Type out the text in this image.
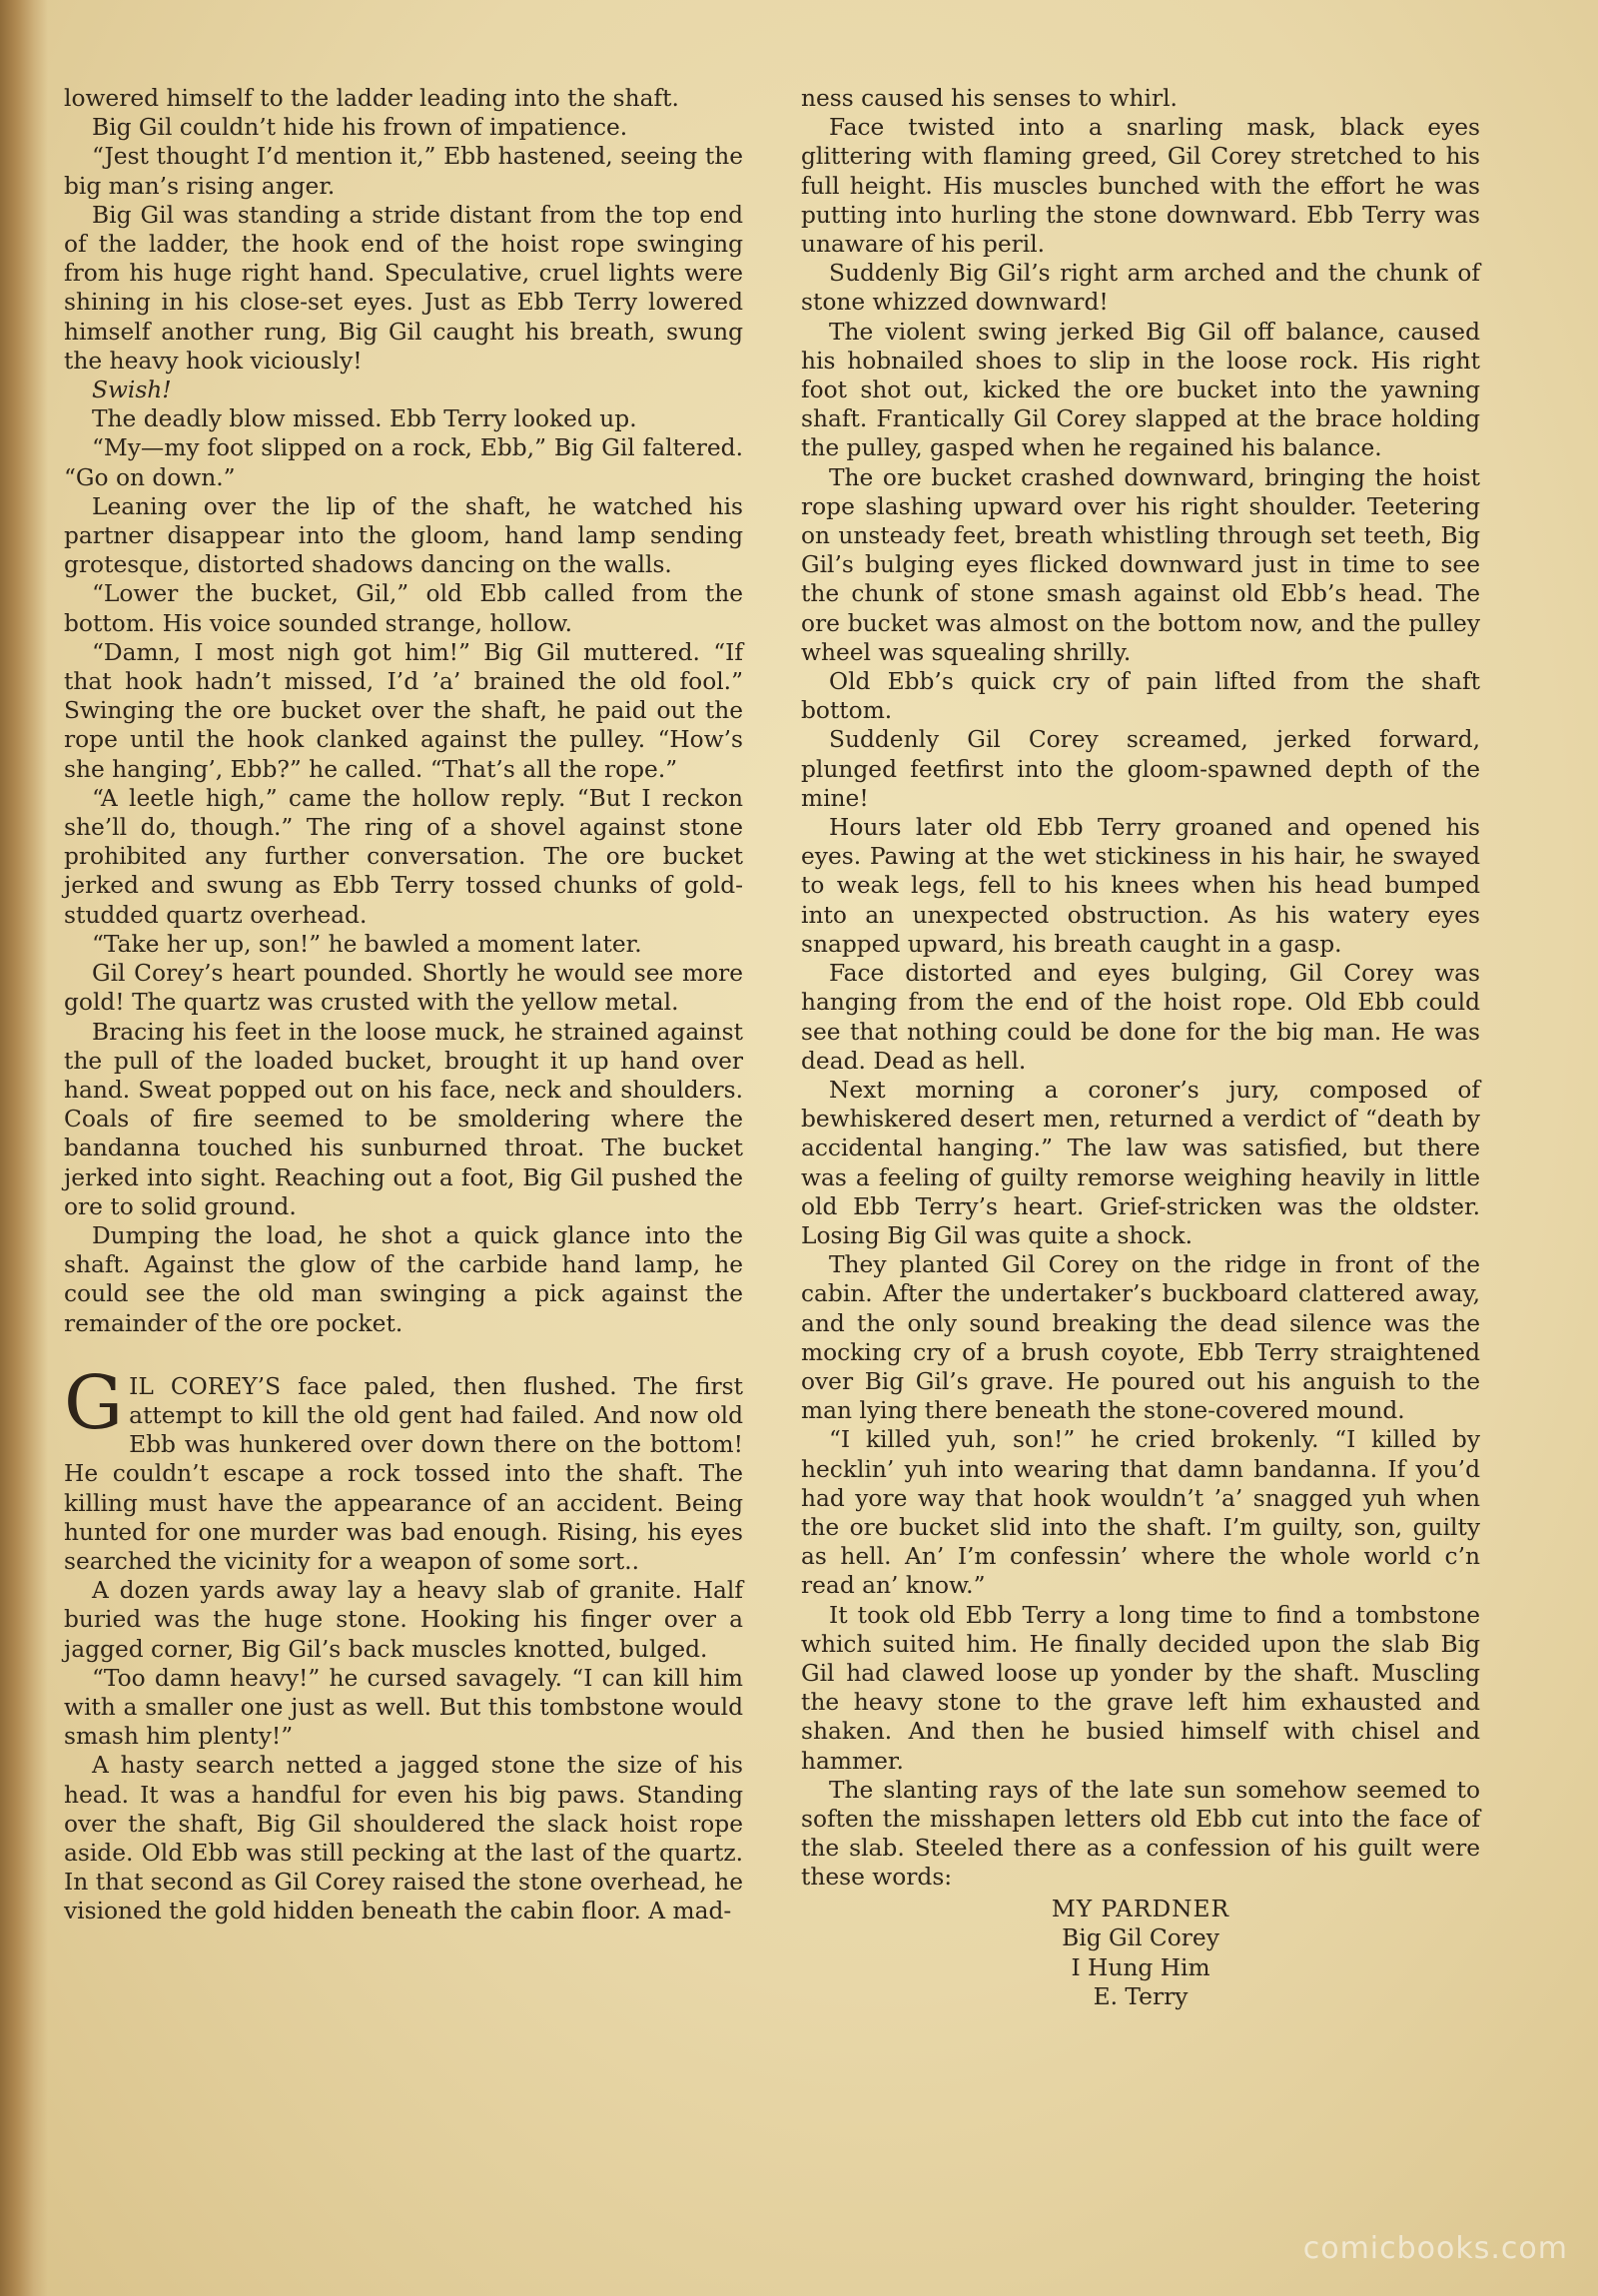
lowered himself to the ladder leading into the shaft.

Big Gil couldn’t hide his frown of impatience.

“Jest thought I’d mention it,” Ebb hastened, seeing the big man’s rising anger.

Big Gil was standing a stride distant from the top end of the ladder, the hook end of the hoist rope swinging from his huge right hand. Speculative, cruel lights were shining in his close-set eyes. Just as Ebb Terry lowered himself another rung, Big Gil caught his breath, swung the heavy hook viciously!

Swish!

The deadly blow missed. Ebb Terry looked up.

“My—my foot slipped on a rock, Ebb,” Big Gil faltered. “Go on down.”

Leaning over the lip of the shaft, he watched his partner disappear into the gloom, hand lamp sending grotesque, distorted shadows dancing on the walls.

“Lower the bucket, Gil,” old Ebb called from the bottom. His voice sounded strange, hollow.

“Damn, I most nigh got him!” Big Gil muttered. “If that hook hadn’t missed, I’d ’a’ brained the old fool.” Swinging the ore bucket over the shaft, he paid out the rope until the hook clanked against the pulley. “How’s she hanging’, Ebb?” he called. “That’s all the rope.”

“A leetle high,” came the hollow reply. “But I reckon she’ll do, though.” The ring of a shovel against stone prohibited any further conversation. The ore bucket jerked and swung as Ebb Terry tossed chunks of gold-studded quartz overhead.

“Take her up, son!” he bawled a moment later.

Gil Corey’s heart pounded. Shortly he would see more gold! The quartz was crusted with the yellow metal.

Bracing his feet in the loose muck, he strained against the pull of the loaded bucket, brought it up hand over hand. Sweat popped out on his face, neck and shoulders. Coals of fire seemed to be smoldering where the bandanna touched his sunburned throat. The bucket jerked into sight. Reaching out a foot, Big Gil pushed the ore to solid ground.

Dumping the load, he shot a quick glance into the shaft. Against the glow of the carbide hand lamp, he could see the old man swinging a pick against the remainder of the ore pocket.

GIL COREY’S face paled, then flushed. The first attempt to kill the old gent had failed. And now old Ebb was hunkered over down there on the bottom! He couldn’t escape a rock tossed into the shaft. The killing must have the appearance of an accident. Being hunted for one murder was bad enough. Rising, his eyes searched the vicinity for a weapon of some sort..

A dozen yards away lay a heavy slab of granite. Half buried was the huge stone. Hooking his finger over a jagged corner, Big Gil’s back muscles knotted, bulged.

“Too damn heavy!” he cursed savagely. “I can kill him with a smaller one just as well. But this tombstone would smash him plenty!”

A hasty search netted a jagged stone the size of his head. It was a handful for even his big paws. Standing over the shaft, Big Gil shouldered the slack hoist rope aside. Old Ebb was still pecking at the last of the quartz. In that second as Gil Corey raised the stone overhead, he visioned the gold hidden beneath the cabin floor. A mad-

ness caused his senses to whirl.

Face twisted into a snarling mask, black eyes glittering with flaming greed, Gil Corey stretched to his full height. His muscles bunched with the effort he was putting into hurling the stone downward. Ebb Terry was unaware of his peril.

Suddenly Big Gil’s right arm arched and the chunk of stone whizzed downward!

The violent swing jerked Big Gil off balance, caused his hobnailed shoes to slip in the loose rock. His right foot shot out, kicked the ore bucket into the yawning shaft. Frantically Gil Corey slapped at the brace holding the pulley, gasped when he regained his balance.

The ore bucket crashed downward, bringing the hoist rope slashing upward over his right shoulder. Teetering on unsteady feet, breath whistling through set teeth, Big Gil’s bulging eyes flicked downward just in time to see the chunk of stone smash against old Ebb’s head. The ore bucket was almost on the bottom now, and the pulley wheel was squealing shrilly.

Old Ebb’s quick cry of pain lifted from the shaft bottom.

Suddenly Gil Corey screamed, jerked forward, plunged feetfirst into the gloom-spawned depth of the mine!

Hours later old Ebb Terry groaned and opened his eyes. Pawing at the wet stickiness in his hair, he swayed to weak legs, fell to his knees when his head bumped into an unexpected obstruction. As his watery eyes snapped upward, his breath caught in a gasp.

Face distorted and eyes bulging, Gil Corey was hanging from the end of the hoist rope. Old Ebb could see that nothing could be done for the big man. He was dead. Dead as hell.

Next morning a coroner’s jury, composed of bewhiskered desert men, returned a verdict of “death by accidental hanging.” The law was satisfied, but there was a feeling of guilty remorse weighing heavily in little old Ebb Terry’s heart. Grief-stricken was the oldster. Losing Big Gil was quite a shock.

They planted Gil Corey on the ridge in front of the cabin. After the undertaker’s buckboard clattered away, and the only sound breaking the dead silence was the mocking cry of a brush coyote, Ebb Terry straightened over Big Gil’s grave. He poured out his anguish to the man lying there beneath the stone-covered mound.

“I killed yuh, son!” he cried brokenly. “I killed by hecklin’ yuh into wearing that damn bandanna. If you’d had yore way that hook wouldn’t ’a’ snagged yuh when the ore bucket slid into the shaft. I’m guilty, son, guilty as hell. An’ I’m confessin’ where the whole world c’n read an’ know.”

It took old Ebb Terry a long time to find a tombstone which suited him. He finally decided upon the slab Big Gil had clawed loose up yonder by the shaft. Muscling the heavy stone to the grave left him exhausted and shaken. And then he busied himself with chisel and hammer.

The slanting rays of the late sun somehow seemed to soften the misshapen letters old Ebb cut into the face of the slab. Steeled there as a confession of his guilt were these words:

MY PARDNER
Big Gil Corey
I Hung Him
E. Terry
comicbooks.com
